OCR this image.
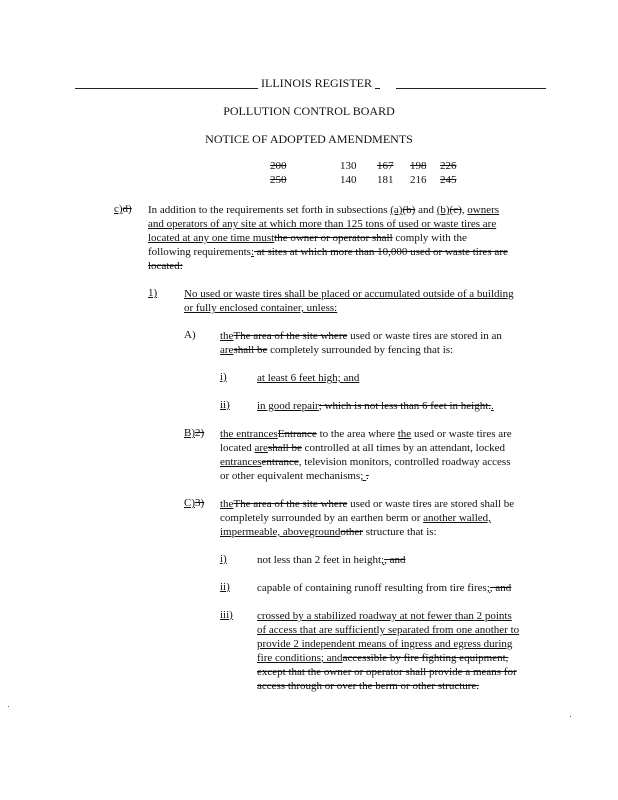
ILLINOIS REGISTER
POLLUTION CONTROL BOARD
NOTICE OF ADOPTED AMENDMENTS
200	130 167 198 226
250	140 181 216 245
c)d) In addition to the requirements set forth in subsections (a)(b) and (b)(c), owners
and operators of any site at which more than 125 tons of used or waste tires are
located at any one time mustthe owner or operator shall comply with the
following requirements: at sites at which more than 10,000 used or waste tires are
located:
1) No used or waste tires shall be placed or accumulated outside of a building
or fully enclosed container, unless:
A) theThe area of the site where used or waste tires are stored in an
areshall be completely surrounded by fencing that is:
i)	at least 6 feet high; and
ii) in good repair; which is not less than 6 feet in height..
B)2) the entrancesEntrance to the area where the used or waste tires are
located areshall be controlled at all times by an attendant, locked
entrancesentrance, television monitors, controlled roadway access
or other equivalent mechanisms; .
C)3) theThe area of the site where used or waste tires are stored shall be
completely surrounded by an earthen berm or another walled,
impermeable, abovegroundother structure that is:
i)	not less than 2 feet in height;, and
ii) capable of containing runoff resulting from tire fires;, and
iii) crossed by a stabilized roadway at not fewer than 2 points
of access that are sufficiently separated from one another to
provide 2 independent means of ingress and egress during
fire conditions; andaccessible by fire fighting equipment,
except that the owner or operator shall provide a means for
access through or over the berm or other structure.
